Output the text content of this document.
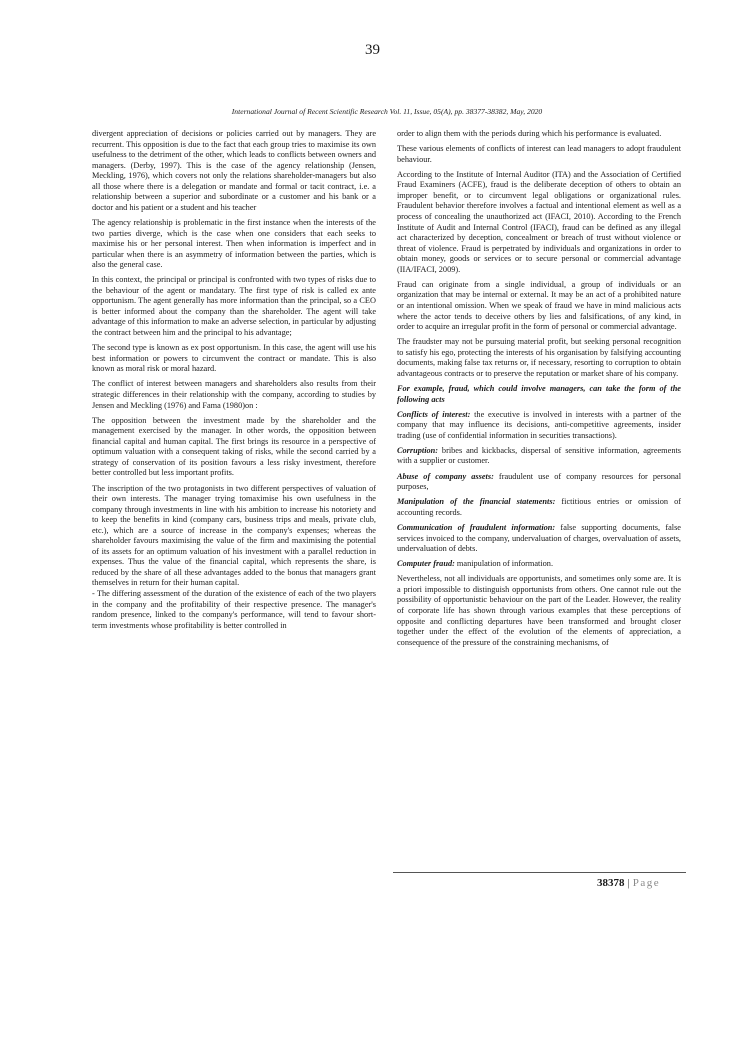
39
International Journal of Recent Scientific Research Vol. 11, Issue, 05(A), pp. 38377-38382, May, 2020

divergent appreciation of decisions or policies carried out by managers. They are recurrent. This opposition is due to the fact that each group tries to maximise its own usefulness to the detriment of the other, which leads to conflicts between owners and managers. (Derby, 1997). This is the case of the agency relationship (Jensen, Meckling, 1976), which covers not only the relations shareholder-managers but also all those where there is a delegation or mandate and formal or tacit contract, i.e. a relationship between a superior and subordinate or a customer and his bank or a doctor and his patient or a student and his teacher

The agency relationship is problematic in the first instance when the interests of the two parties diverge, which is the case when one considers that each seeks to maximise his or her personal interest. Then when information is imperfect and in particular when there is an asymmetry of information between the parties, which is also the general case.

In this context, the principal or principal is confronted with two types of risks due to the behaviour of the agent or mandatary. The first type of risk is called ex ante opportunism. The agent generally has more information than the principal, so a CEO is better informed about the company than the shareholder. The agent will take advantage of this information to make an adverse selection, in particular by adjusting the contract between him and the principal to his advantage;

The second type is known as ex post opportunism. In this case, the agent will use his best information or powers to circumvent the contract or mandate. This is also known as moral risk or moral hazard.

The conflict of interest between managers and shareholders also results from their strategic differences in their relationship with the company, according to studies by Jensen and Meckling (1976) and Fama (1980)on :

The opposition between the investment made by the shareholder and the management exercised by the manager. In other words, the opposition between financial capital and human capital. The first brings its resource in a perspective of optimum valuation with a consequent taking of risks, while the second carried by a strategy of conservation of its position favours a less risky investment, therefore better controlled but less important profits.

The inscription of the two protagonists in two different perspectives of valuation of their own interests. The manager trying tomaximise his own usefulness in the company through investments in line with his ambition to increase his notoriety and to keep the benefits in kind (company cars, business trips and meals, private club, etc.), which are a source of increase in the company's expenses; whereas the shareholder favours maximising the value of the firm and maximising the potential of its assets for an optimum valuation of his investment with a parallel reduction in expenses. Thus the value of the financial capital, which represents the share, is reduced by the share of all these advantages added to the bonus that managers grant themselves in return for their human capital.

- The differing assessment of the duration of the existence of each of the two players in the company and the profitability of their respective presence. The manager's random presence, linked to the company's performance, will tend to favour short-term investments whose profitability is better controlled in

order to align them with the periods during which his performance is evaluated.

These various elements of conflicts of interest can lead managers to adopt fraudulent behaviour.

According to the Institute of Internal Auditor (ITA) and the Association of Certified Fraud Examiners (ACFE), fraud is the deliberate deception of others to obtain an improper benefit, or to circumvent legal obligations or organizational rules. Fraudulent behavior therefore involves a factual and intentional element as well as a process of concealing the unauthorized act (IFACI, 2010). According to the French Institute of Audit and Internal Control (IFACI), fraud can be defined as any illegal act characterized by deception, concealment or breach of trust without violence or threat of violence. Fraud is perpetrated by individuals and organizations in order to obtain money, goods or services or to secure personal or commercial advantage (IIA/IFACI, 2009).

Fraud can originate from a single individual, a group of individuals or an organization that may be internal or external. It may be an act of a prohibited nature or an intentional omission. When we speak of fraud we have in mind malicious acts where the actor tends to deceive others by lies and falsifications, of any kind, in order to acquire an irregular profit in the form of personal or commercial advantage.

The fraudster may not be pursuing material profit, but seeking personal recognition to satisfy his ego, protecting the interests of his organisation by falsifying accounting documents, making false tax returns or, if necessary, resorting to corruption to obtain advantageous contracts or to preserve the reputation or market share of his company.

For example, fraud, which could involve managers, can take the form of the following acts

Conflicts of interest: the executive is involved in interests with a partner of the company that may influence its decisions, anti-competitive agreements, insider trading (use of confidential information in securities transactions).

Corruption: bribes and kickbacks, dispersal of sensitive information, agreements with a supplier or customer.

Abuse of company assets: fraudulent use of company resources for personal purposes,

Manipulation of the financial statements: fictitious entries or omission of accounting records.

Communication of fraudulent information: false supporting documents, false services invoiced to the company, undervaluation of charges, overvaluation of assets, undervaluation of debts.

Computer fraud: manipulation of information.

Nevertheless, not all individuals are opportunists, and sometimes only some are. It is a priori impossible to distinguish opportunists from others. One cannot rule out the possibility of opportunistic behaviour on the part of the Leader. However, the reality of corporate life has shown through various examples that these perceptions of opposite and conflicting departures have been transformed and brought closer together under the effect of the evolution of the elements of appreciation, a consequence of the pressure of the constraining mechanisms, of

38378 | Page
